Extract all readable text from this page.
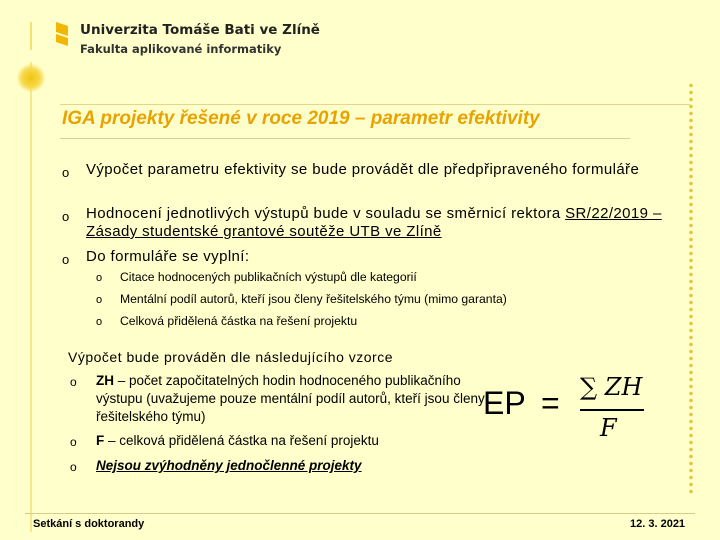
Univerzita Tomáše Bati ve Zlíně
Fakulta aplikované informatiky
IGA projekty řešené v roce 2019 – parametr efektivity
o Výpočet parametru efektivity se bude provádět dle předpřipraveného formuláře
o Hodnocení jednotlivých výstupů bude v souladu se směrnicí rektora SR/22/2019 – Zásady studentské grantové soutěže UTB ve Zlíně
o Do formuláře se vyplní:
o Citace hodnocených publikačních výstupů dle kategorií
o Mentální podíl autorů, kteří jsou členy řešitelského týmu (mimo garanta)
o Celková přidělená částka na řešení projektu
Výpočet bude prováděn dle následujícího vzorce
o ZH – počet započitatelných hodin hodnoceného publikačního výstupu (uvažujeme pouze mentální podíl autorů, kteří jsou členy řešitelského týmu)
o F – celková přidělená částka na řešení projektu
o Nejsou zvýhodněny jednočlenné projekty
EP = ∑ ZH
F
Setkání s doktorandy	12. 3. 2021
